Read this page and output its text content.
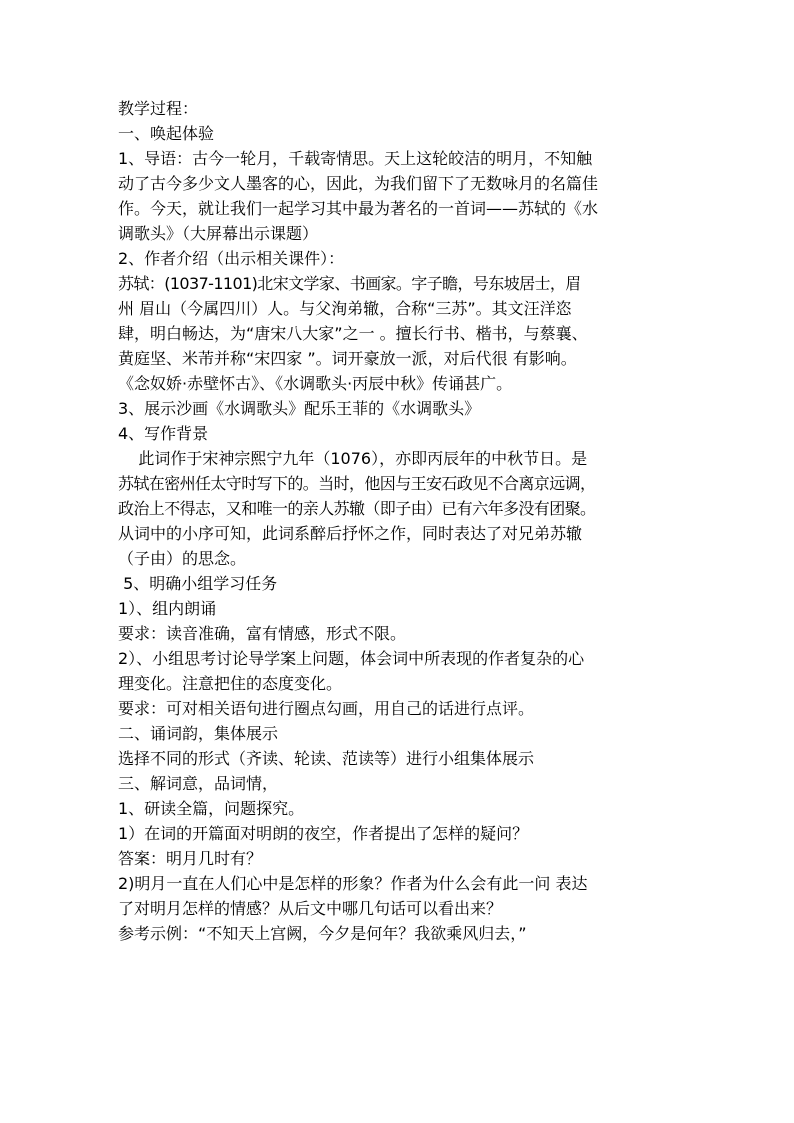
教学过程：
一、唤起体验
1、导语：古今一轮月，千载寄情思。天上这轮皎洁的明月，不知触
动了古今多少文人墨客的心，因此，为我们留下了无数咏月的名篇佳
作。今天，就让我们一起学习其中最为著名的一首词——苏轼的《水
调歌头》（大屏幕出示课题）
2、作者介绍（出示相关课件）：
苏轼：(1037-1101)北宋文学家、书画家。字子瞻，号东坡居士，眉
州 眉山（今属四川）人。与父洵弟辙，合称“三苏”。其文汪洋恣
肆，明白畅达，为“唐宋八大家”之一 。擅长行书、楷书，与蔡襄、
黄庭坚、米芾并称“宋四家 ”。词开豪放一派，对后代很 有影响。
《念奴娇·赤壁怀古》、《水调歌头·丙辰中秋》传诵甚广。
3、展示沙画《水调歌头》配乐王菲的《水调歌头》
4、写作背景
此词作于宋神宗熙宁九年（1076），亦即丙辰年的中秋节日。是
苏轼在密州任太守时写下的。当时，他因与王安石政见不合离京远调，
政治上不得志，又和唯一的亲人苏辙（即子由）已有六年多没有团聚。
从词中的小序可知，此词系醉后抒怀之作，同时表达了对兄弟苏辙
（子由）的思念。
5、明确小组学习任务
1）、组内朗诵
要求：读音准确，富有情感，形式不限。
2）、小组思考讨论导学案上问题，体会词中所表现的作者复杂的心
理变化。注意把住的态度变化。
要求：可对相关语句进行圈点勾画，用自己的话进行点评。
二、诵词韵，集体展示
选择不同的形式（齐读、轮读、范读等）进行小组集体展示
三、解词意，品词情，
1、研读全篇，问题探究。
1）在词的开篇面对明朗的夜空，作者提出了怎样的疑问？
答案：明月几时有？
2)明月一直在人们心中是怎样的形象？作者为什么会有此一问 表达
了对明月怎样的情感？从后文中哪几句话可以看出来？
参考示例：“不知天上宫阙，今夕是何年？我欲乘风归去，”
